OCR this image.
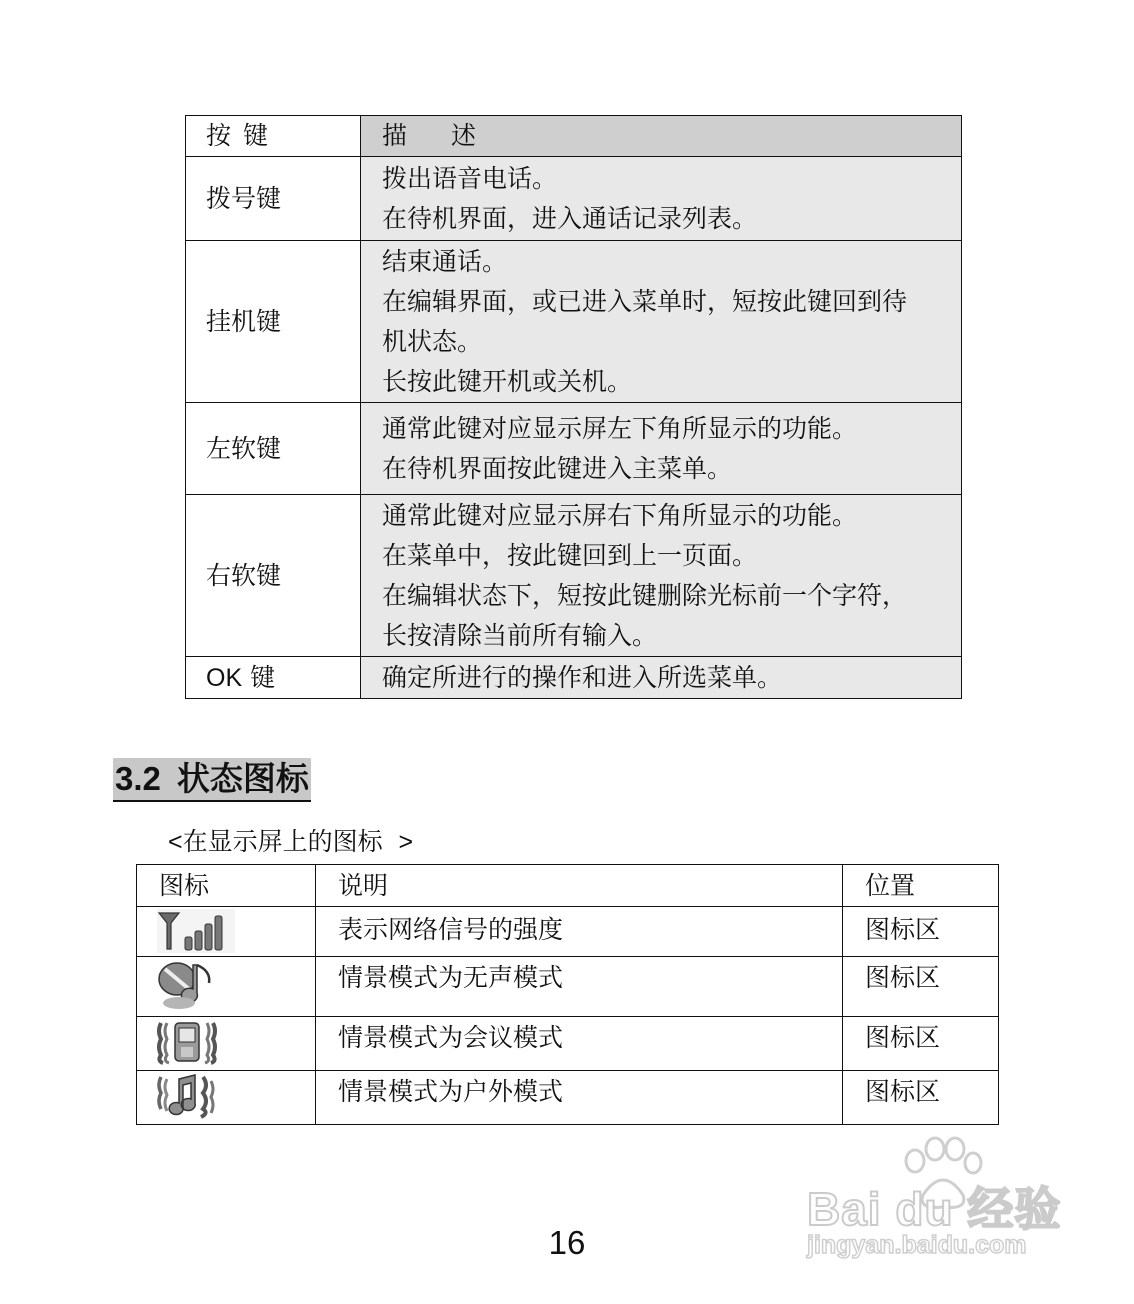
按键	描述
拨号键	拨出语音电话。
在待机界面，进入通话记录列表。

挂机键	结束通话。
在编辑界面，或已进入菜单时，短按此键回到待
机状态。
长按此键开机或关机。

左软键	通常此键对应显示屏左下角所显示的功能。
在待机界面按此键进入主菜单。

右软键	通常此键对应显示屏右下角所显示的功能。
在菜单中，按此键回到上一页面。
在编辑状态下，短按此键删除光标前一个字符，
长按清除当前所有输入。

OK 键	确定所进行的操作和进入所选菜单。
3.2 状态图标
<在显示屏上的图标 >
图标	说明	位置

	表示网络信号的强度	图标区

	情景模式为无声模式	图标区

	情景模式为会议模式	图标区

	情景模式为户外模式	图标区
Bai du 经验
jingyan.baidu.com
16
